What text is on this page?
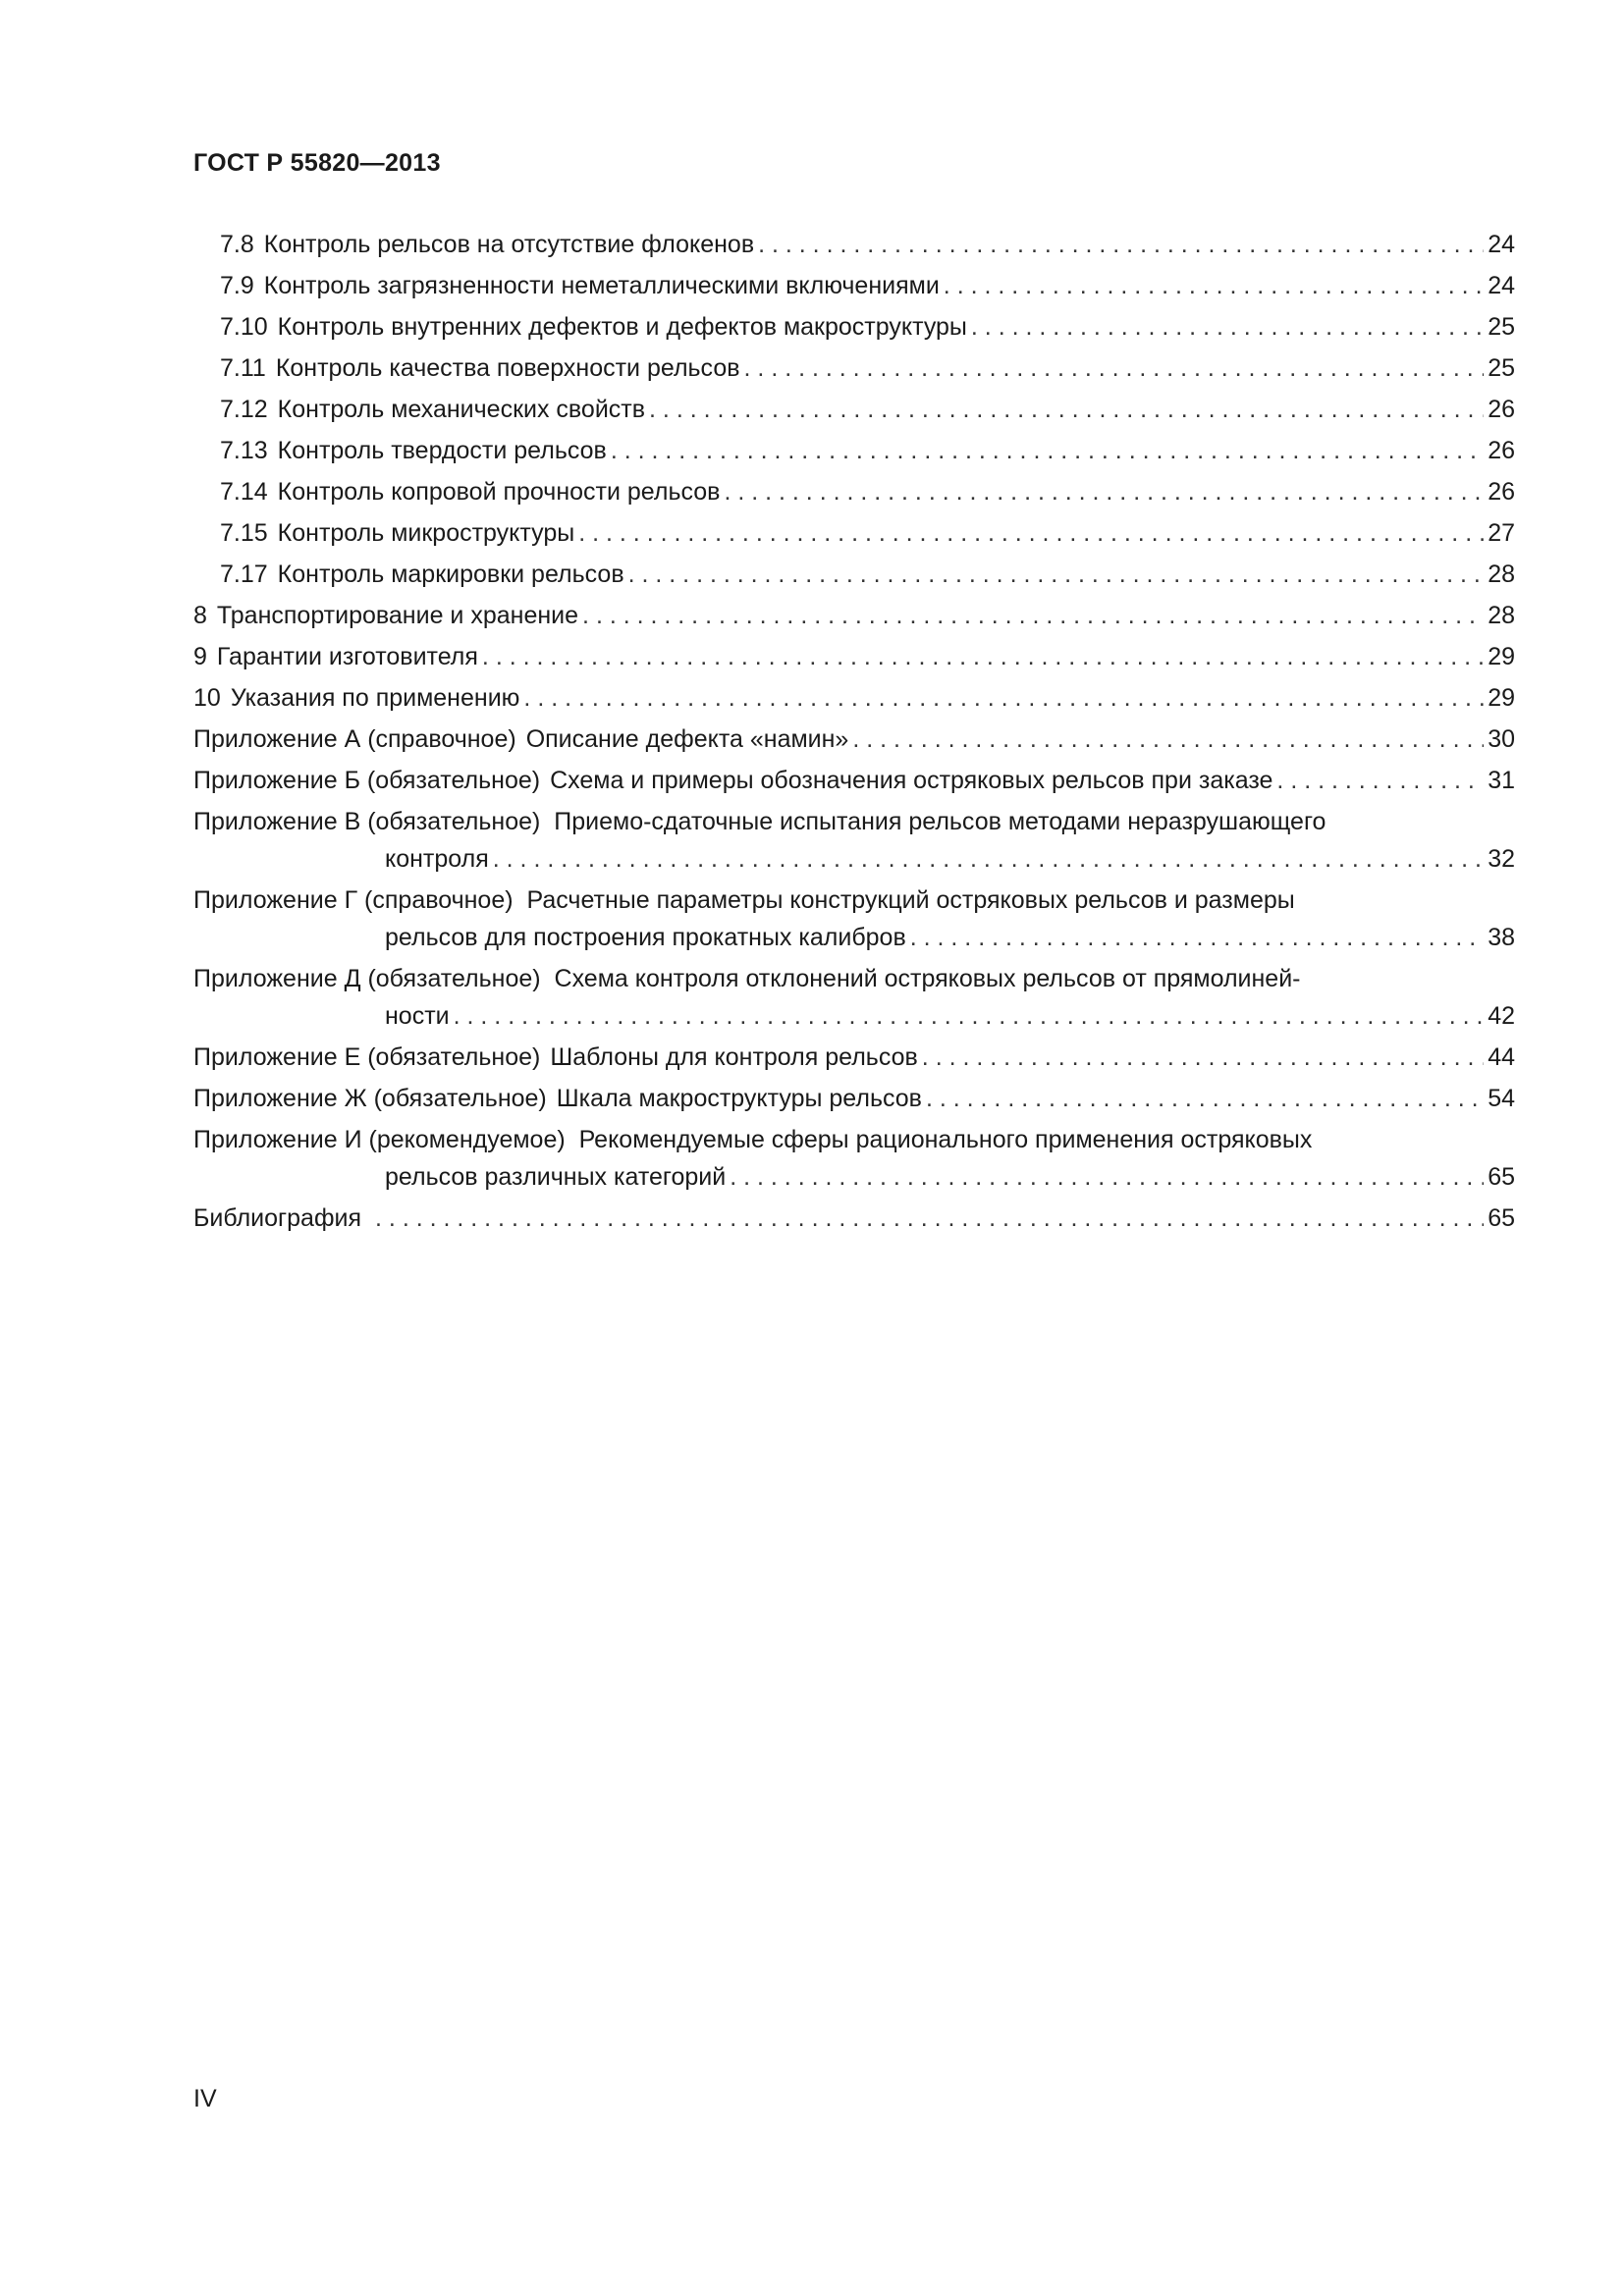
ГОСТ Р 55820—2013
7.8 Контроль рельсов на отсутствие флокенов . . .	24
7.9 Контроль загрязненности неметаллическими включениями . . .	24
7.10 Контроль внутренних дефектов и дефектов макроструктуры . . .	25
7.11 Контроль качества поверхности рельсов . . .	25
7.12 Контроль механических свойств . . .	26
7.13 Контроль твердости рельсов . . .	26
7.14 Контроль копровой прочности рельсов . . .	26
7.15 Контроль микроструктуры . . .	27
7.17 Контроль маркировки рельсов . . .	28
8 Транспортирование и хранение . . .	28
9 Гарантии изготовителя . . .	29
10 Указания по применению . . .	29
Приложение А (справочное) Описание дефекта «намин» . . .	30
Приложение Б (обязательное) Схема и примеры обозначения остряковых рельсов при заказе . . .	31
Приложение В (обязательное) Приемо-сдаточные испытания рельсов методами неразрушающего
контроля . . .	32
Приложение Г (справочное) Расчетные параметры конструкций остряковых рельсов и размеры
рельсов для построения прокатных калибров . . .	38
Приложение Д (обязательное) Схема контроля отклонений остряковых рельсов от прямолиней-
ности . . .	42
Приложение Е (обязательное) Шаблоны для контроля рельсов . . .	44
Приложение Ж (обязательное) Шкала макроструктуры рельсов . . .	54
Приложение И (рекомендуемое) Рекомендуемые сферы рационального применения остряковых
рельсов различных категорий . . .	65
Библиография . . .	65
IV
